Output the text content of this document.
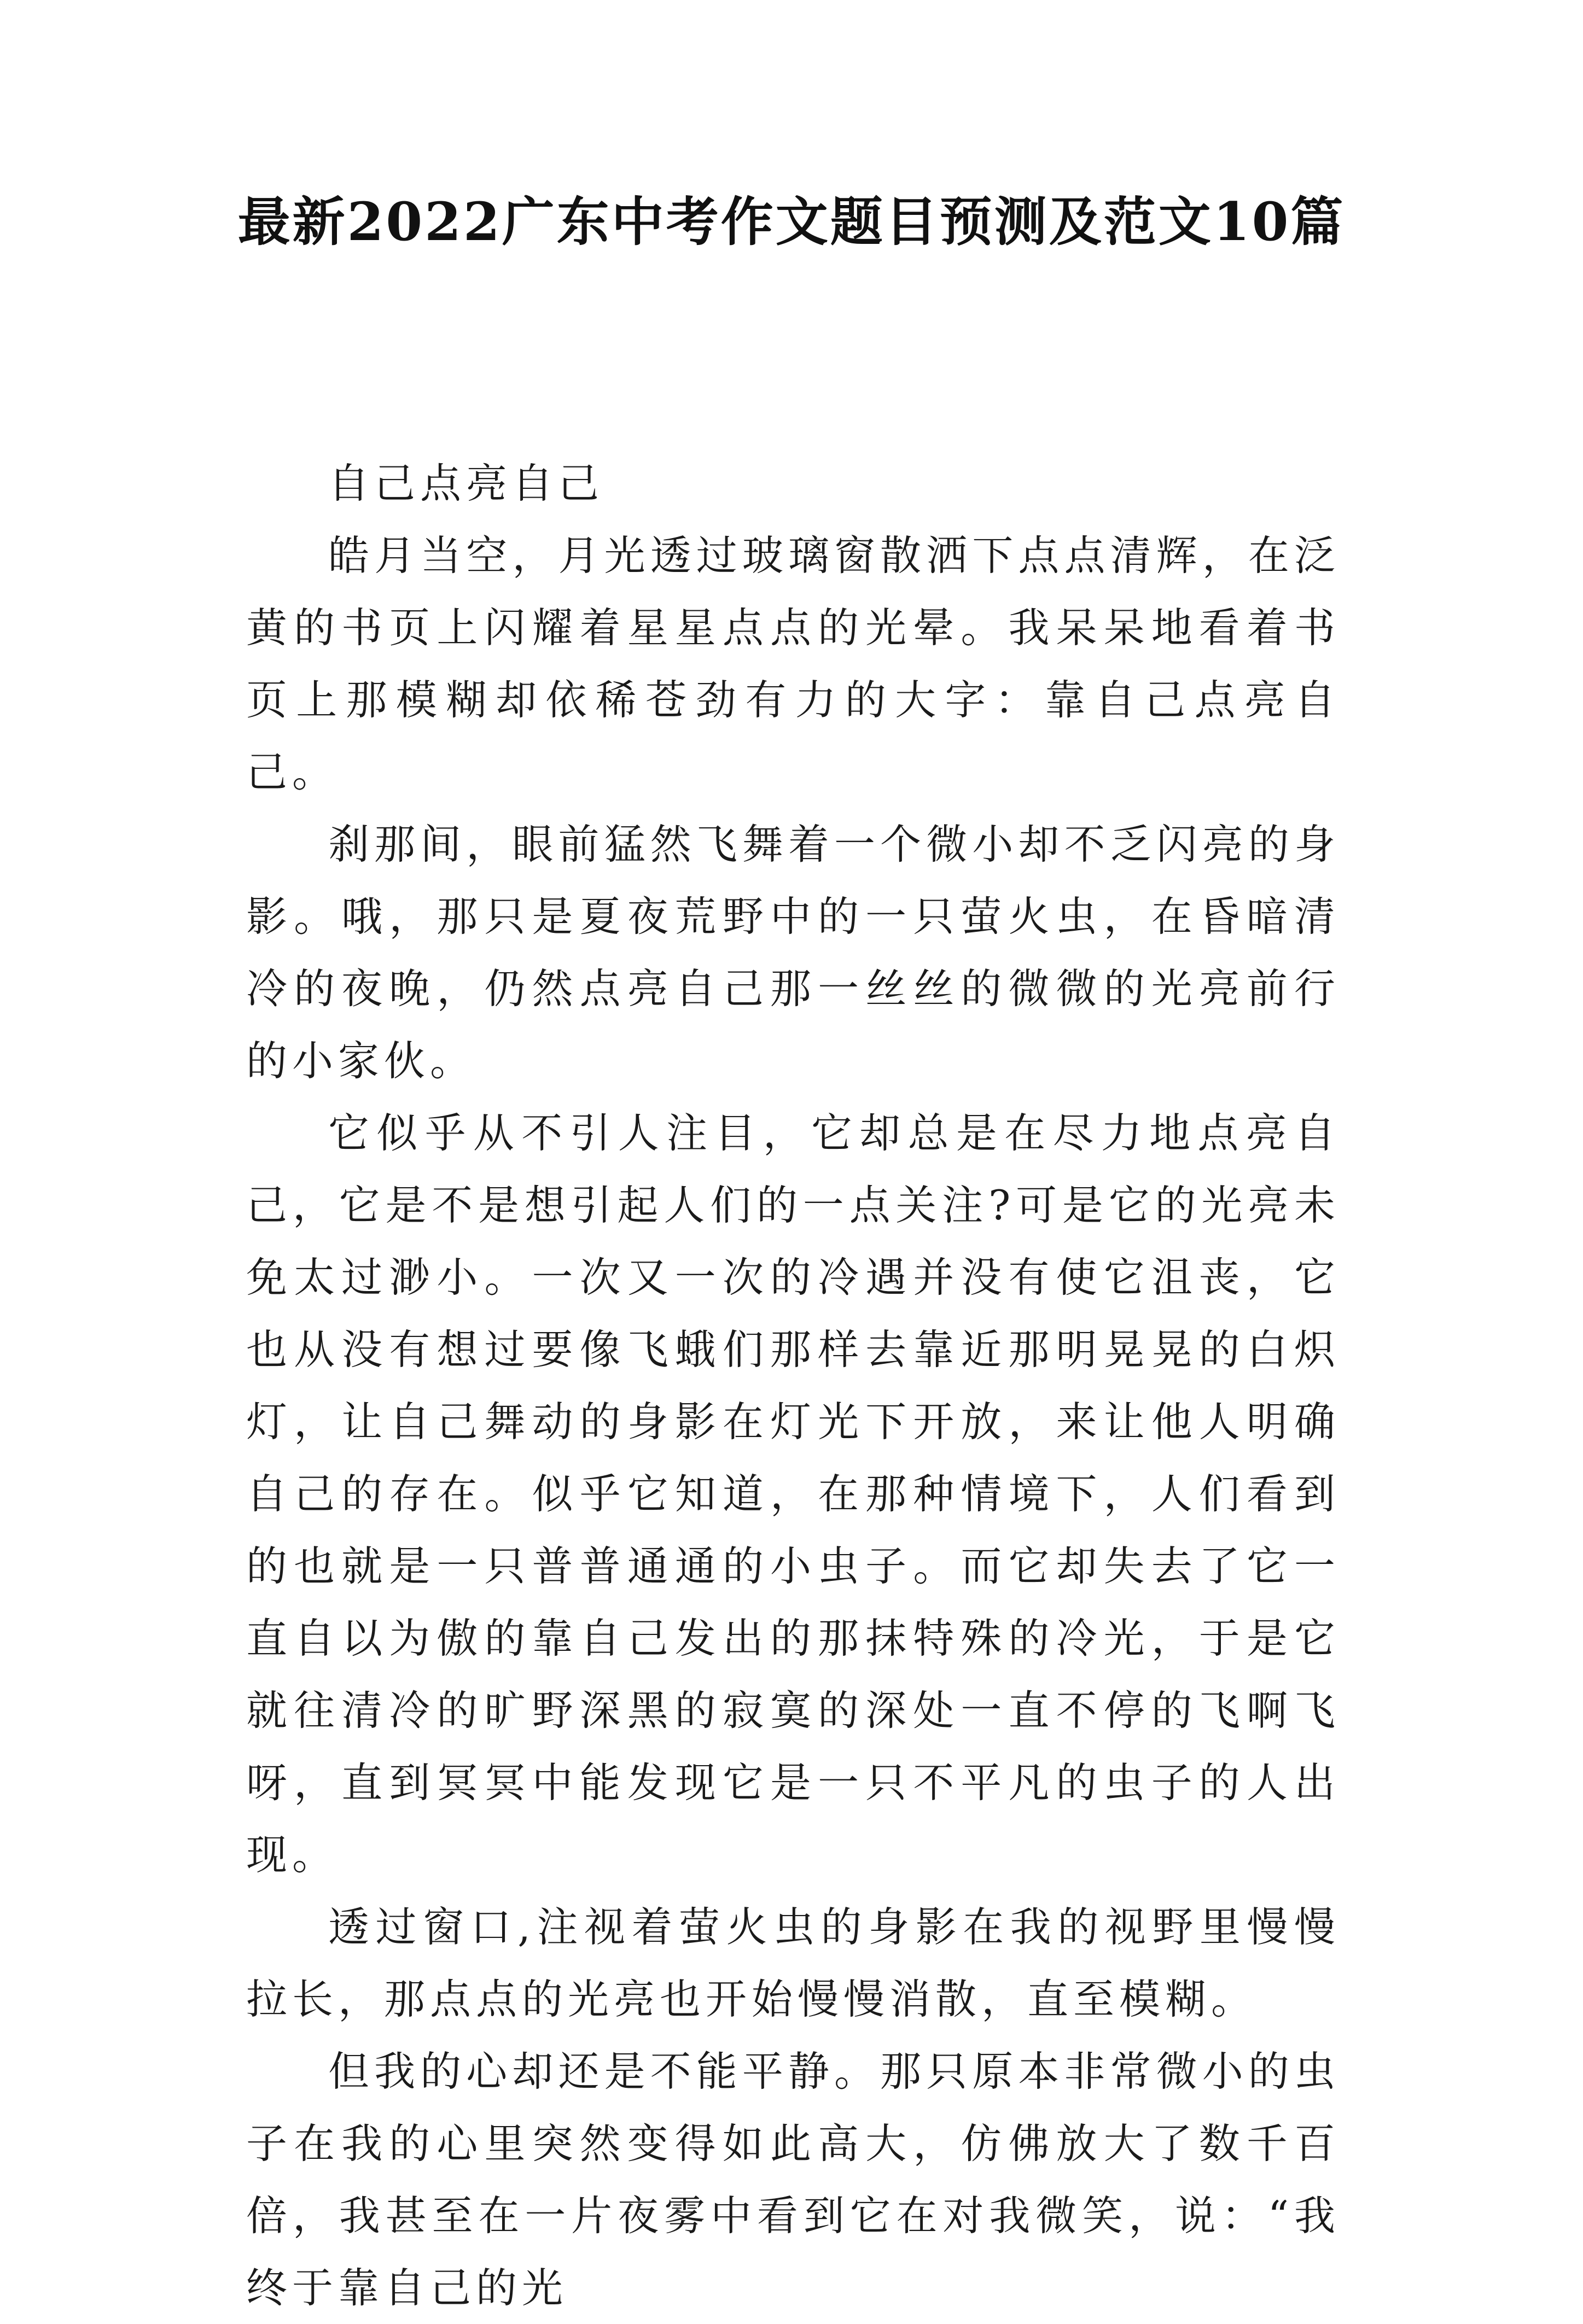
最新2022广东中考作文题目预测及范文10篇

自己点亮自己

皓月当空，月光透过玻璃窗散洒下点点清辉，在泛黄的书页上闪耀着星星点点的光晕。我呆呆地看着书页上那模糊却依稀苍劲有力的大字：靠自己点亮自己。

刹那间，眼前猛然飞舞着一个微小却不乏闪亮的身影。哦，那只是夏夜荒野中的一只萤火虫，在昏暗清冷的夜晚，仍然点亮自己那一丝丝的微微的光亮前行的小家伙。

它似乎从不引人注目，它却总是在尽力地点亮自己，它是不是想引起人们的一点关注?可是它的光亮未免太过渺小。一次又一次的冷遇并没有使它沮丧，它也从没有想过要像飞蛾们那样去靠近那明晃晃的白炽灯，让自己舞动的身影在灯光下开放，来让他人明确自己的存在。似乎它知道，在那种情境下，人们看到的也就是一只普普通通的小虫子。而它却失去了它一直自以为傲的靠自己发出的那抹特殊的冷光，于是它就往清冷的旷野深黑的寂寞的深处一直不停的飞啊飞呀，直到冥冥中能发现它是一只不平凡的虫子的人出现。

透过窗口,注视着萤火虫的身影在我的视野里慢慢拉长，那点点的光亮也开始慢慢消散，直至模糊。

但我的心却还是不能平静。那只原本非常微小的虫子在我的心里突然变得如此高大，仿佛放大了数千百倍，我甚至在一片夜雾中看到它在对我微笑，说：“我终于靠自己的光
